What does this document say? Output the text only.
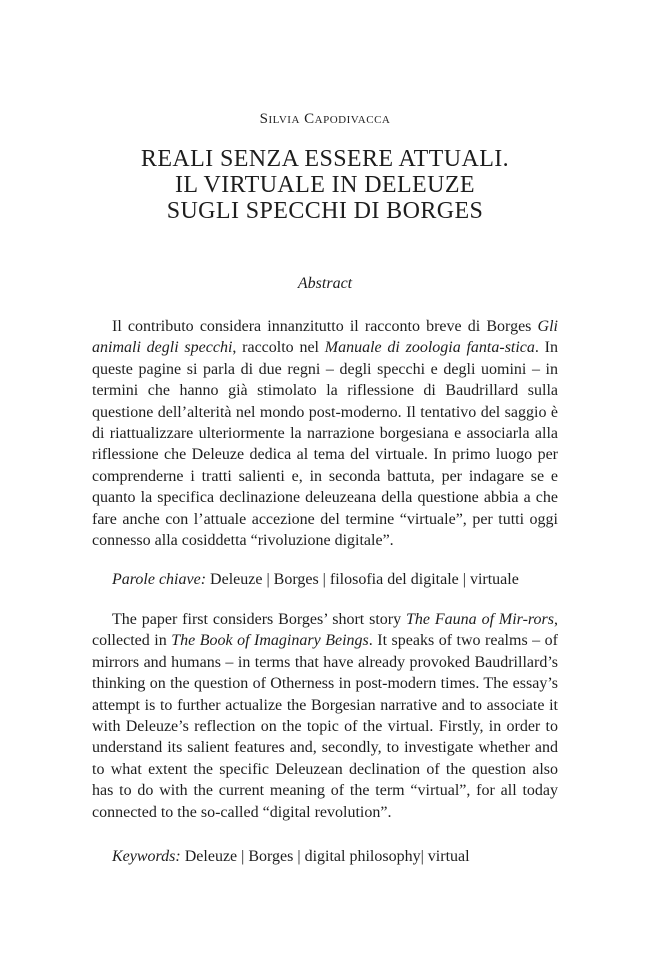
Silvia Capodivacca
REALI SENZA ESSERE ATTUALI.
IL VIRTUALE IN DELEUZE
SUGLI SPECCHI DI BORGES
Abstract

Il contributo considera innanzitutto il racconto breve di Borges Gli animali degli specchi, raccolto nel Manuale di zoologia fanta-stica. In queste pagine si parla di due regni – degli specchi e degli uomini – in termini che hanno già stimolato la riflessione di Baudrillard sulla questione dell’alterità nel mondo post-moderno. Il tentativo del saggio è di riattualizzare ulteriormente la narrazione borgesiana e associarla alla riflessione che Deleuze dedica al tema del virtuale. In primo luogo per comprenderne i tratti salienti e, in seconda battuta, per indagare se e quanto la specifica declinazione deleuzeana della questione abbia a che fare anche con l’attuale accezione del termine “virtuale”, per tutti oggi connesso alla cosiddetta “rivoluzione digitale”.

Parole chiave: Deleuze | Borges | filosofia del digitale | virtuale

The paper first considers Borges’ short story The Fauna of Mir-rors, collected in The Book of Imaginary Beings. It speaks of two realms – of mirrors and humans – in terms that have already provoked Baudrillard’s thinking on the question of Otherness in post-modern times. The essay’s attempt is to further actualize the Borgesian narrative and to associate it with Deleuze’s reflection on the topic of the virtual. Firstly, in order to understand its salient features and, secondly, to investigate whether and to what extent the specific Deleuzean declination of the question also has to do with the current meaning of the term “virtual”, for all today connected to the so-called “digital revolution”.

Keywords: Deleuze | Borges | digital philosophy| virtual
